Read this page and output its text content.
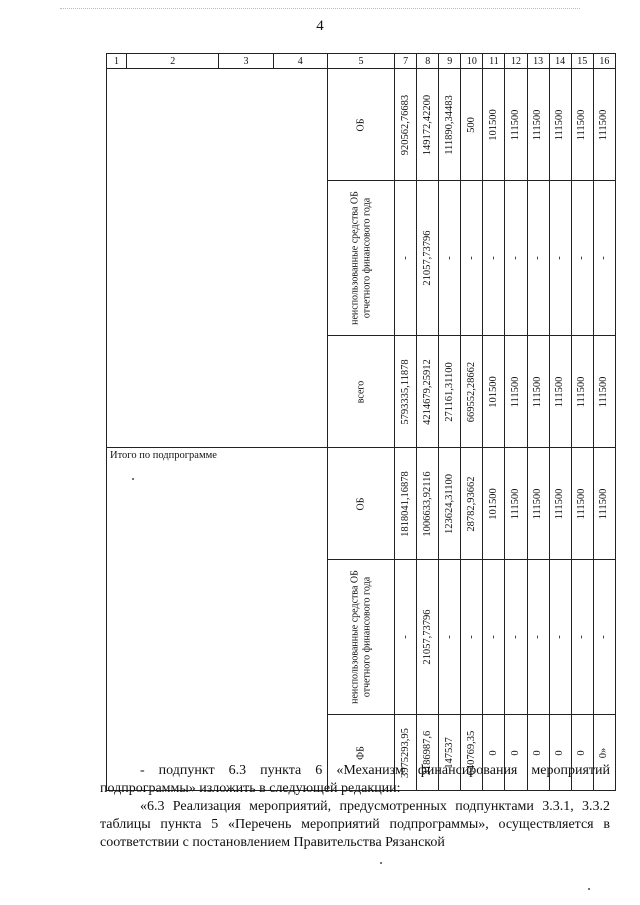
4
1	2	3	4	5	7	8	9	10	11	12	13	14	15	16

				ОБ	920562,76683	149172,42200	111890,34483	500	101500	111500	111500	111500	111500	111500

				неиспользованные средства ОБ отчетного финансового года	-	21057,73796	-	-	-	-	-	-	-	-

				всего	5793335,11878	4214679,25912	271161,31100	669552,28662	101500	111500	111500	111500	111500	111500

Итого по подпрограмме				ОБ	1818041,16878	1006633,92116	123624,31100	28782,93662	101500	111500	111500	111500	111500	111500

				неиспользованные средства ОБ отчетного финансового года	-	21057,73796	-	-	-	-	-	-	-	-

				ФБ	3975293,95	3186987,6	147537	640769,35	0	0	0	0	0	0»
- подпункт 6.3 пункта 6 «Механизм финансирования мероприятий подпрограммы» изложить в следующей редакции:
«6.3 Реализация мероприятий, предусмотренных подпунктами 3.3.1, 3.3.2 таблицы пункта 5 «Перечень мероприятий подпрограммы», осуществляется в соответствии с постановлением Правительства Рязанской
